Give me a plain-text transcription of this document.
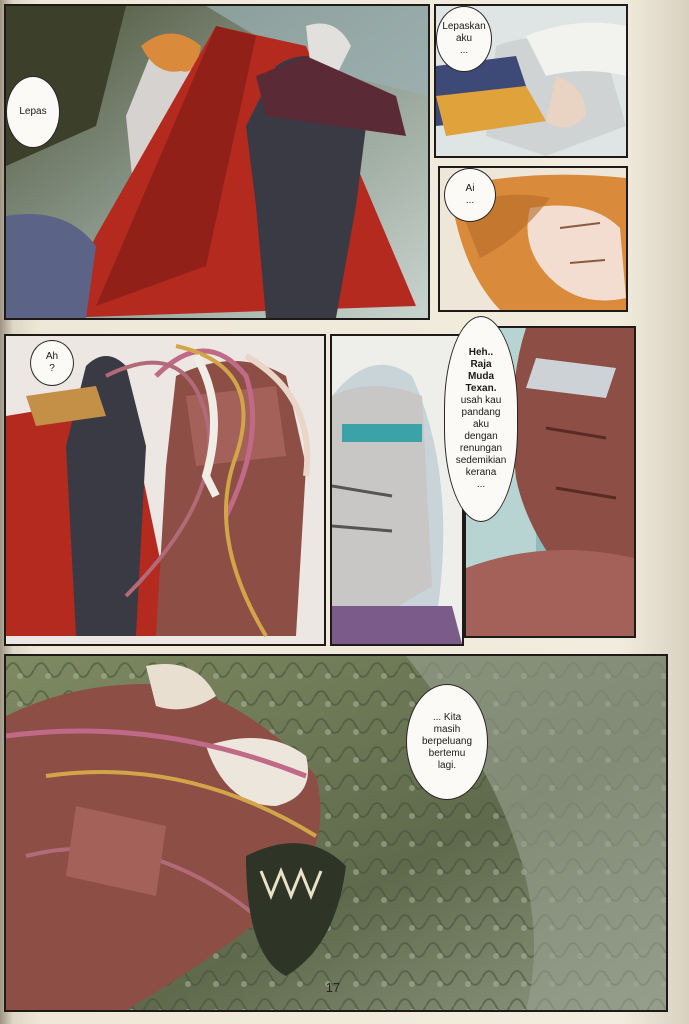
Lepas
Lepaskan
aku
...
Ai
...
Ah
?
Heh..
Raja
Muda
Texan.
usah kau
pandang
aku
dengan
renungan
sedemikian
kerana
...
... Kita
masih
berpeluang
bertemu
lagi.
17
